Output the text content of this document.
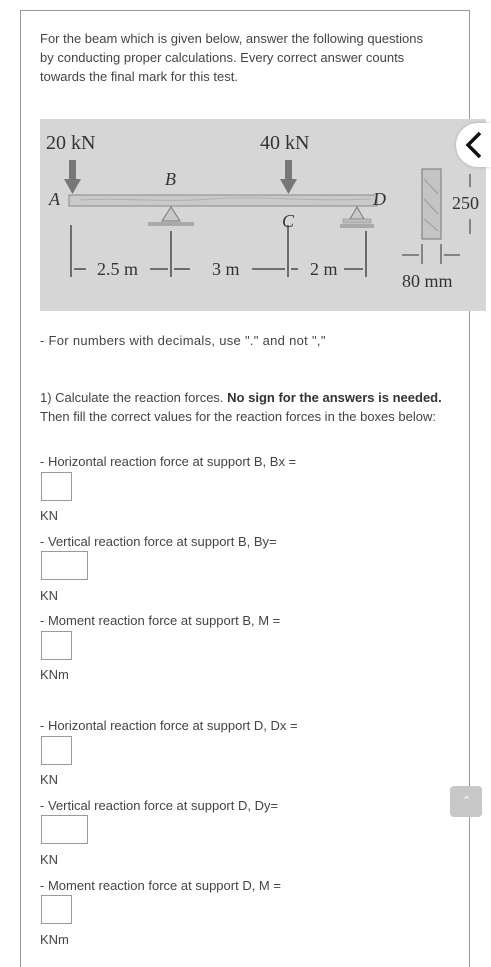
For the beam which is given below, answer the following questions by conducting proper calculations. Every correct answer counts towards the final mark for this test.
20 kN	40 kN
A
B
C
D
2.5 m	3 m	2 m
250
80 mm
- For numbers with decimals, use "." and not ","
1) Calculate the reaction forces. No sign for the answers is needed. Then fill the correct values for the reaction forces in the boxes below:
- Horizontal reaction force at support B, Bx =
KN
- Vertical reaction force at support B, By=
KN
- Moment reaction force at support B, M =
KNm
- Horizontal reaction force at support D, Dx =
KN
- Vertical reaction force at support D, Dy=
KN
- Moment reaction force at support D, M =
KNm
⌃
